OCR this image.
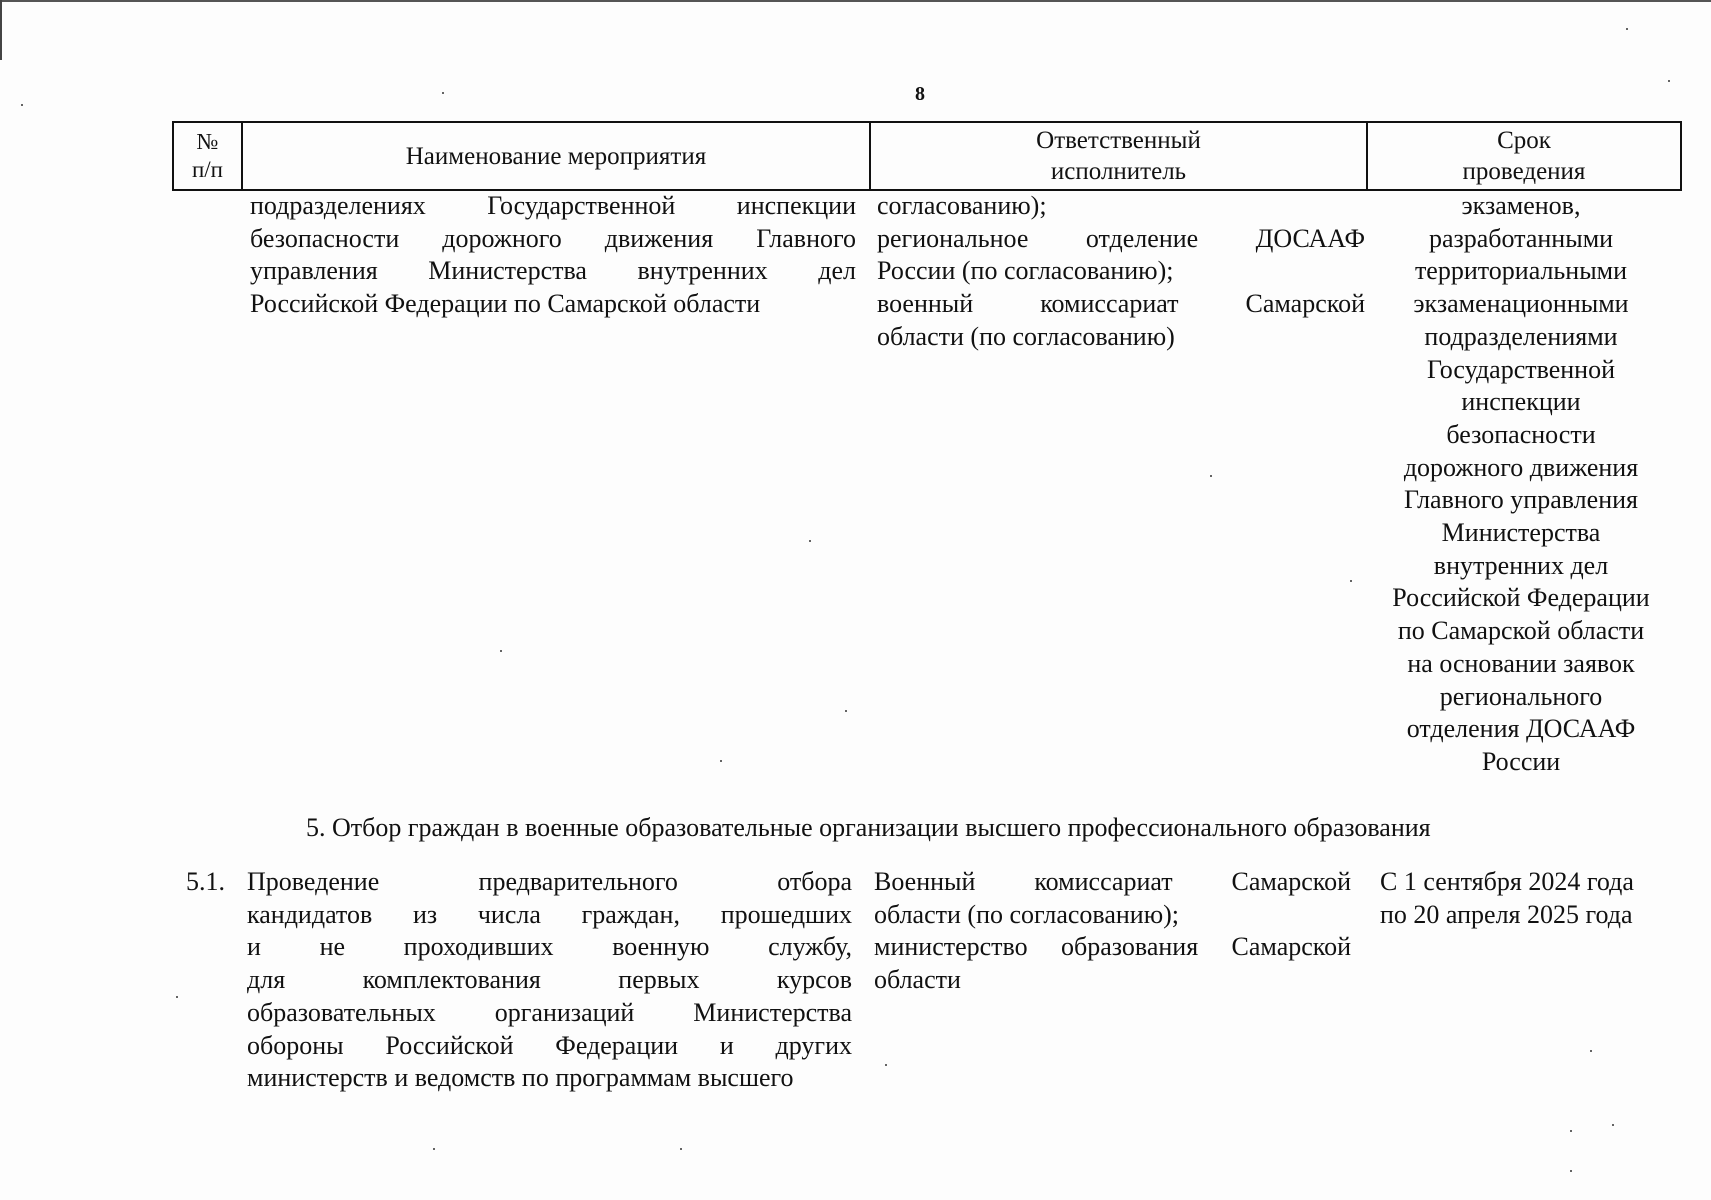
8
№
п/п	Наименование мероприятия
Ответственный
исполнитель
Срок
проведения
подразделениях Государственной инспекции
безопасности дорожного движения Главного
управления Министерства внутренних дел
Российской Федерации по Самарской области
согласованию);
региональное отделение ДОСААФ
России (по согласованию);
военный комиссариат Самарской
области (по согласованию)
экзаменов,
разработанными
территориальными
экзаменационными
подразделениями
Государственной
инспекции
безопасности
дорожного движения
Главного управления
Министерства
внутренних дел
Российской Федерации
по Самарской области
на основании заявок
регионального
отделения ДОСААФ
России
5. Отбор граждан в военные образовательные организации высшего профессионального образования
5.1. Проведение предварительного отбора
кандидатов из числа граждан, прошедших
и не проходивших военную службу,
для комплектования первых курсов
образовательных организаций Министерства
обороны Российской Федерации и других
министерств и ведомств по программам высшего
Военный комиссариат Самарской
области (по согласованию);
министерство образования Самарской
области
С 1 сентября 2024 года
по 20 апреля 2025 года
